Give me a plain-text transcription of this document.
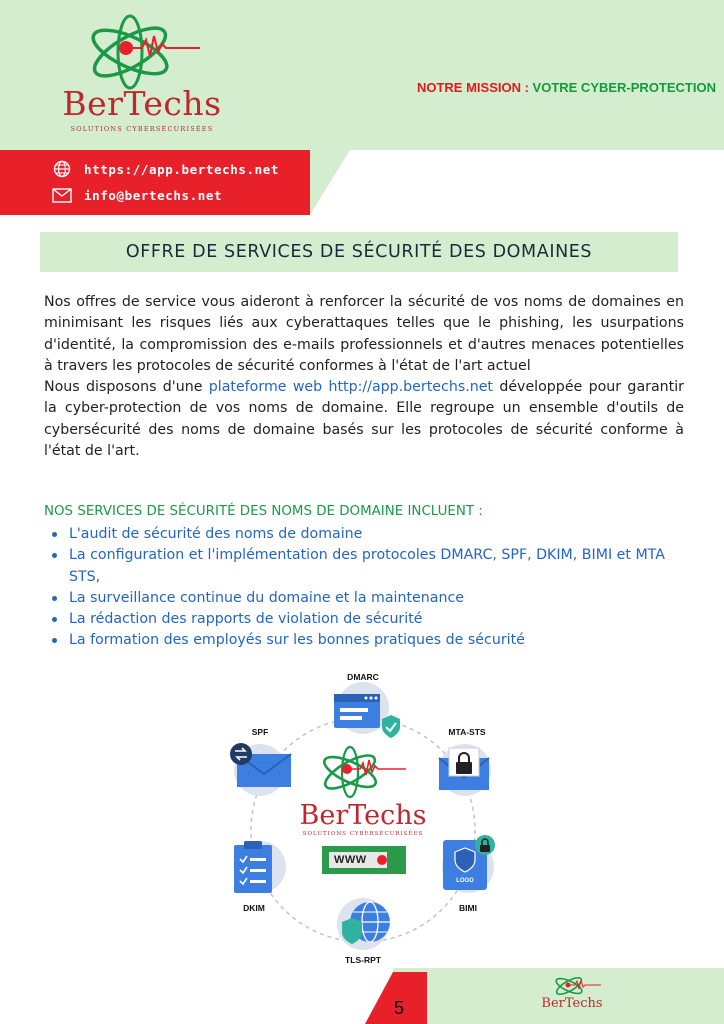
BerTechs
SOLUTIONS CYBERSÉCURISÉES
NOTRE MISSION : VOTRE CYBER-PROTECTION
https://app.bertechs.net
info@bertechs.net
OFFRE DE SERVICES DE SÉCURITÉ DES DOMAINES

Nos offres de service vous aideront à renforcer la sécurité de vos noms de domaines en minimisant les risques liés aux cyberattaques telles que le phishing, les usurpations d'identité, la compromission des e-mails professionnels et d'autres menaces potentielles à travers les protocoles de sécurité conformes à l'état de l'art actuel

Nous disposons d'une plateforme web http://app.bertechs.net développée pour garantir la cyber-protection de vos noms de domaine. Elle regroupe un ensemble d'outils de cybersécurité des noms de domaine basés sur les protocoles de sécurité conforme à l'état de l'art.

NOS SERVICES DE SÉCURITÉ DES NOMS DE DOMAINE INCLUENT :
L'audit de sécurité des noms de domaine
La configuration et l'implémentation des protocoles DMARC, SPF, DKIM, BIMI et MTA STS,
La surveillance continue du domaine et la maintenance
La rédaction des rapports de violation de sécurité
La formation des employés sur les bonnes pratiques de sécurité
LOGO
DMARC
SPF	MTA-STS
DKIM	BIMI
TLS-RPT
BerTechs
SOLUTIONS CYBERSÉCURISÉES
WWW
5	BerTechs
